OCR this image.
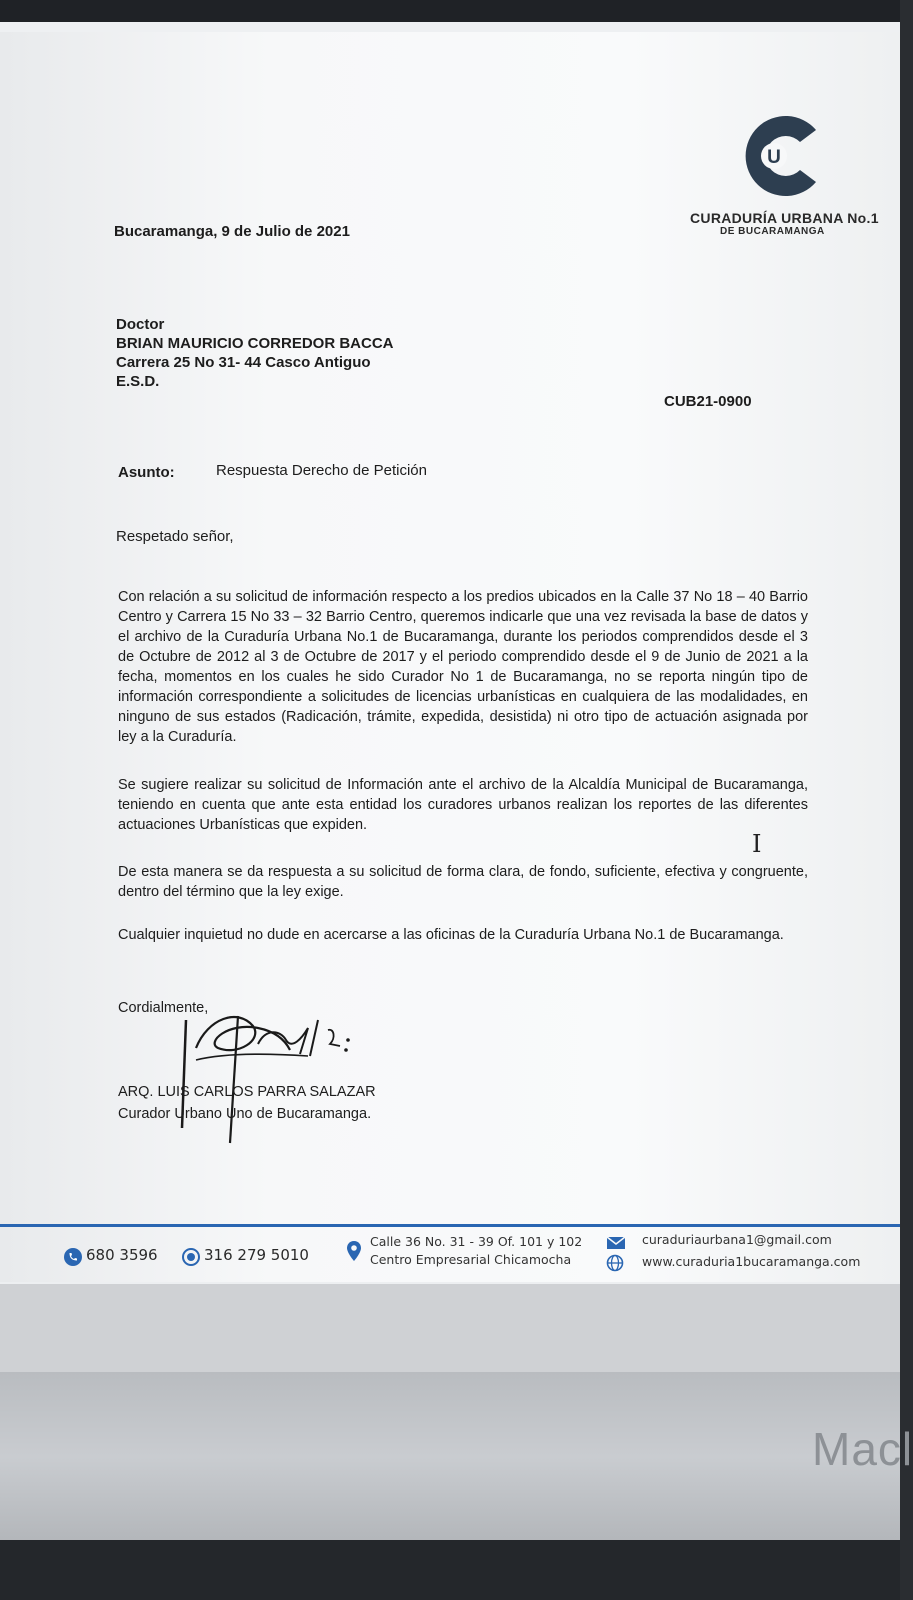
U
CURADURÍA URBANA No.1
DE BUCARAMANGA
Bucaramanga, 9 de Julio de 2021
Doctor
BRIAN MAURICIO CORREDOR BACCA
Carrera 25 No 31- 44 Casco Antiguo
E.S.D.
CUB21-0900
Asunto:	Respuesta Derecho de Petición
Respetado señor,
Con relación a su solicitud de información respecto a los predios ubicados en la Calle 37 No 18 – 40 Barrio Centro y Carrera 15 No 33 – 32 Barrio Centro, queremos indicarle que una vez revisada la base de datos y el archivo de la Curaduría Urbana No.1 de Bucaramanga, durante los periodos comprendidos desde el 3 de Octubre de 2012 al 3 de Octubre de 2017 y el periodo comprendido desde el 9 de Junio de 2021 a la fecha, momentos en los cuales he sido Curador No 1 de Bucaramanga, no se reporta ningún tipo de información correspondiente a solicitudes de licencias urbanísticas en cualquiera de las modalidades, en ninguno de sus estados (Radicación, trámite, expedida, desistida) ni otro tipo de actuación asignada por ley a la Curaduría.
Se sugiere realizar su solicitud de Información ante el archivo de la Alcaldía Municipal de Bucaramanga, teniendo en cuenta que ante esta entidad los curadores urbanos realizan los reportes de las diferentes actuaciones Urbanísticas que expiden.
De esta manera se da respuesta a su solicitud de forma clara, de fondo, suficiente, efectiva y congruente, dentro del término que la ley exige.
Cualquier inquietud no dude en acercarse a las oficinas de la Curaduría Urbana No.1 de Bucaramanga.
I
Cordialmente,
ARQ. LUIS CARLOS PARRA SALAZAR
Curador Urbano Uno de Bucaramanga.
680 3596	316 279 5010
Calle 36 No. 31 - 39 Of. 101 y 102
Centro Empresarial Chicamocha
curaduriaurbana1@gmail.com
www.curaduria1bucaramanga.com
Macl
